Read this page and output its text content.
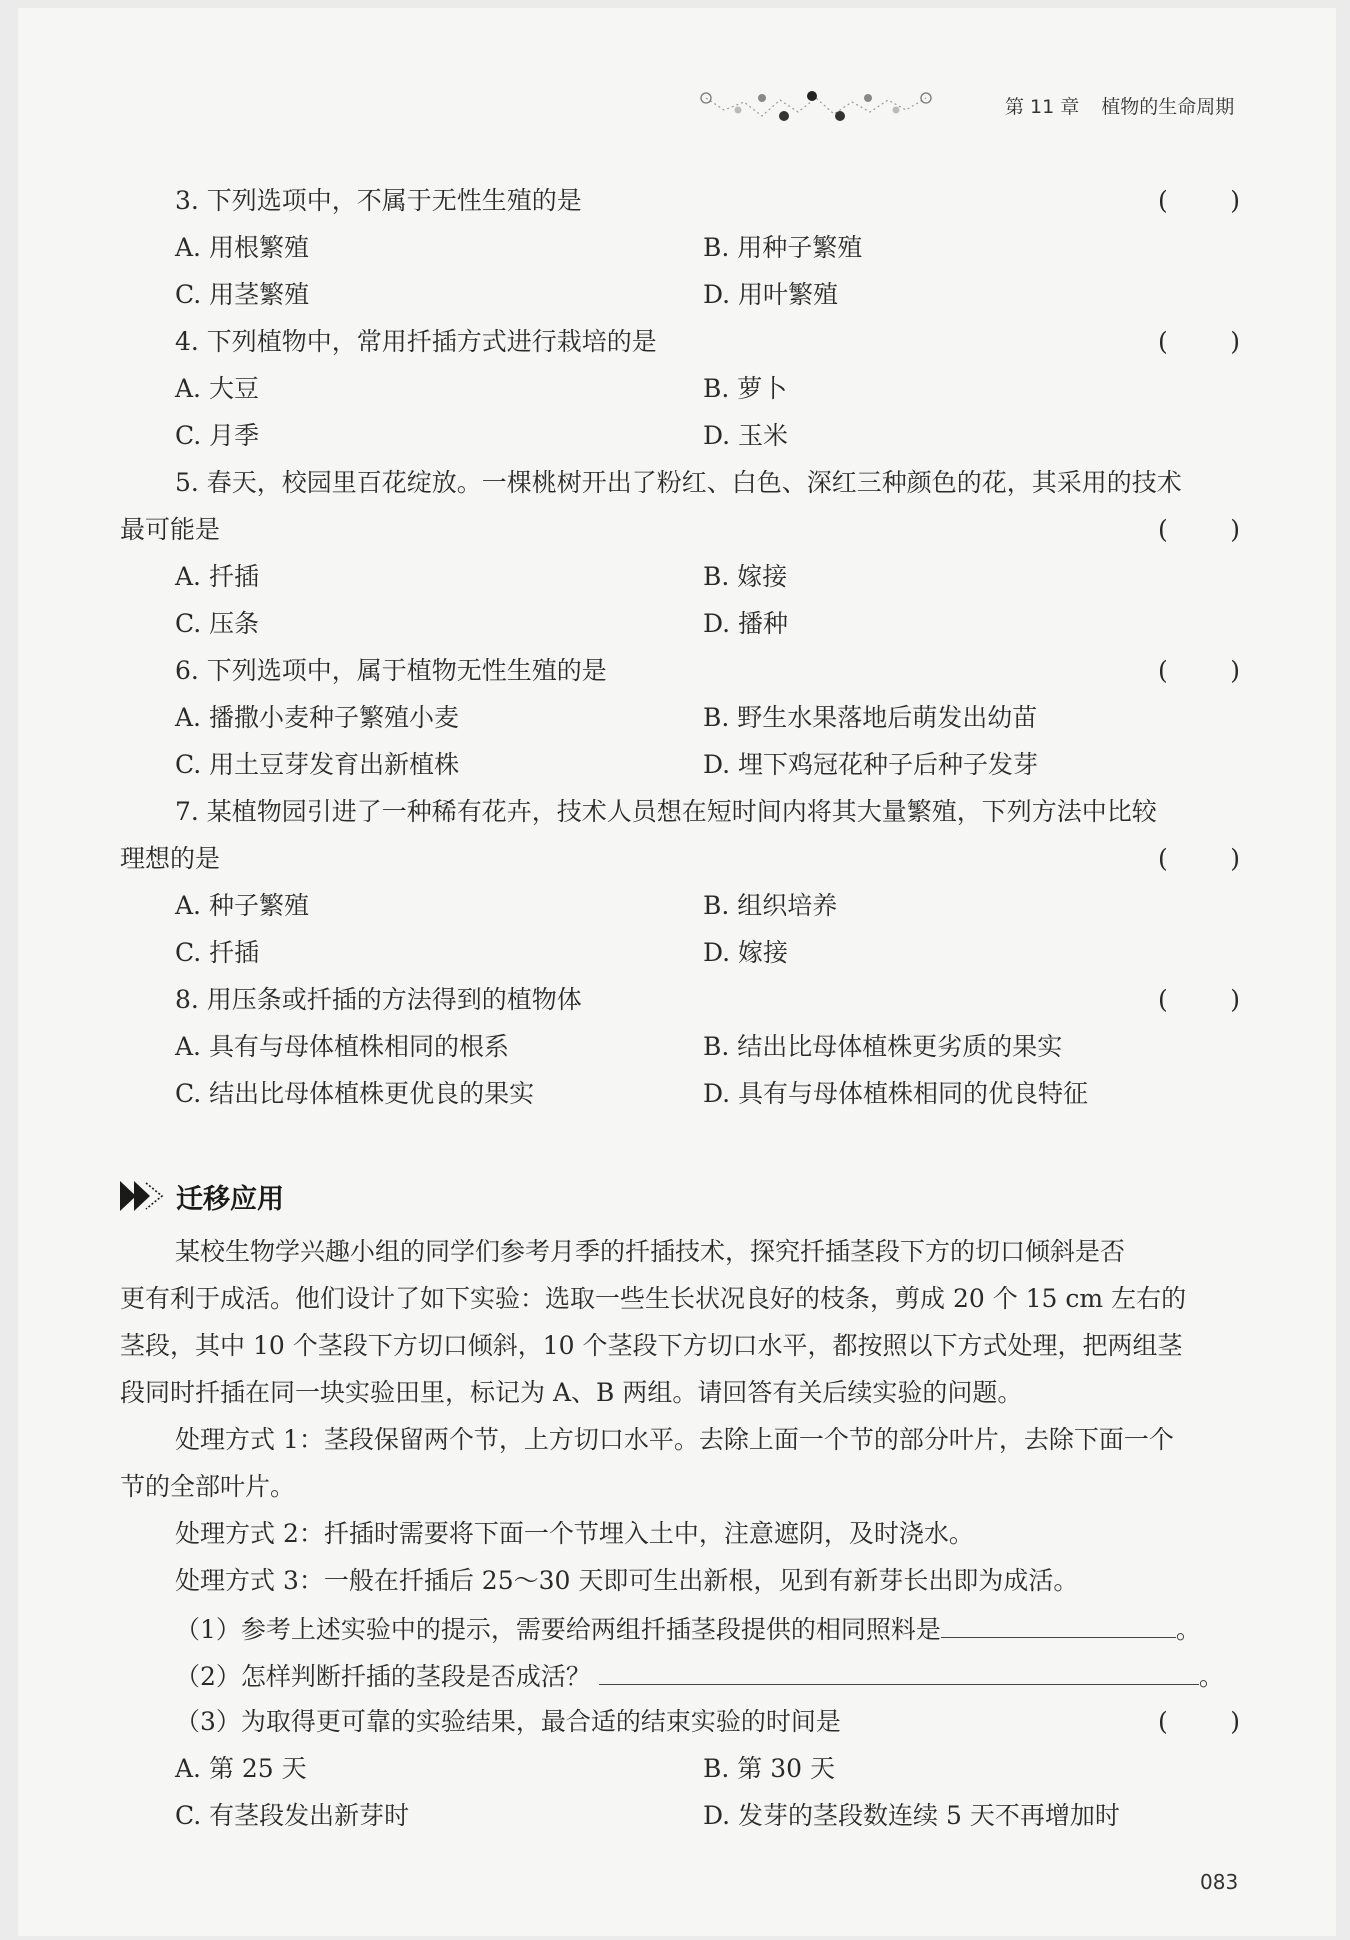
第 11 章 植物的生命周期
3. 下列选项中，不属于无性生殖的是	( )
A. 用根繁殖	B. 用种子繁殖
C. 用茎繁殖	D. 用叶繁殖
4. 下列植物中，常用扦插方式进行栽培的是	( )
A. 大豆	B. 萝卜
C. 月季	D. 玉米
5. 春天，校园里百花绽放。一棵桃树开出了粉红、白色、深红三种颜色的花，其采用的技术
最可能是	( )
A. 扦插	B. 嫁接
C. 压条	D. 播种
6. 下列选项中，属于植物无性生殖的是	( )
A. 播撒小麦种子繁殖小麦	B. 野生水果落地后萌发出幼苗
C. 用土豆芽发育出新植株	D. 埋下鸡冠花种子后种子发芽
7. 某植物园引进了一种稀有花卉，技术人员想在短时间内将其大量繁殖，下列方法中比较
理想的是	( )
A. 种子繁殖	B. 组织培养
C. 扦插	D. 嫁接
8. 用压条或扦插的方法得到的植物体	( )
A. 具有与母体植株相同的根系	B. 结出比母体植株更劣质的果实
C. 结出比母体植株更优良的果实	D. 具有与母体植株相同的优良特征
迁移应用
某校生物学兴趣小组的同学们参考月季的扦插技术，探究扦插茎段下方的切口倾斜是否
更有利于成活。他们设计了如下实验：选取一些生长状况良好的枝条，剪成 20 个 15 cm 左右的
茎段，其中 10 个茎段下方切口倾斜，10 个茎段下方切口水平，都按照以下方式处理，把两组茎
段同时扦插在同一块实验田里，标记为 A、B 两组。请回答有关后续实验的问题。
处理方式 1：茎段保留两个节，上方切口水平。去除上面一个节的部分叶片，去除下面一个
节的全部叶片。
处理方式 2：扦插时需要将下面一个节埋入土中，注意遮阴，及时浇水。
处理方式 3：一般在扦插后 25～30 天即可生出新根，见到有新芽长出即为成活。
（1）参考上述实验中的提示，需要给两组扦插茎段提供的相同照料是	。
（2）怎样判断扦插的茎段是否成活？	。
（3）为取得更可靠的实验结果，最合适的结束实验的时间是	( )
A. 第 25 天	B. 第 30 天
C. 有茎段发出新芽时	D. 发芽的茎段数连续 5 天不再增加时
083
